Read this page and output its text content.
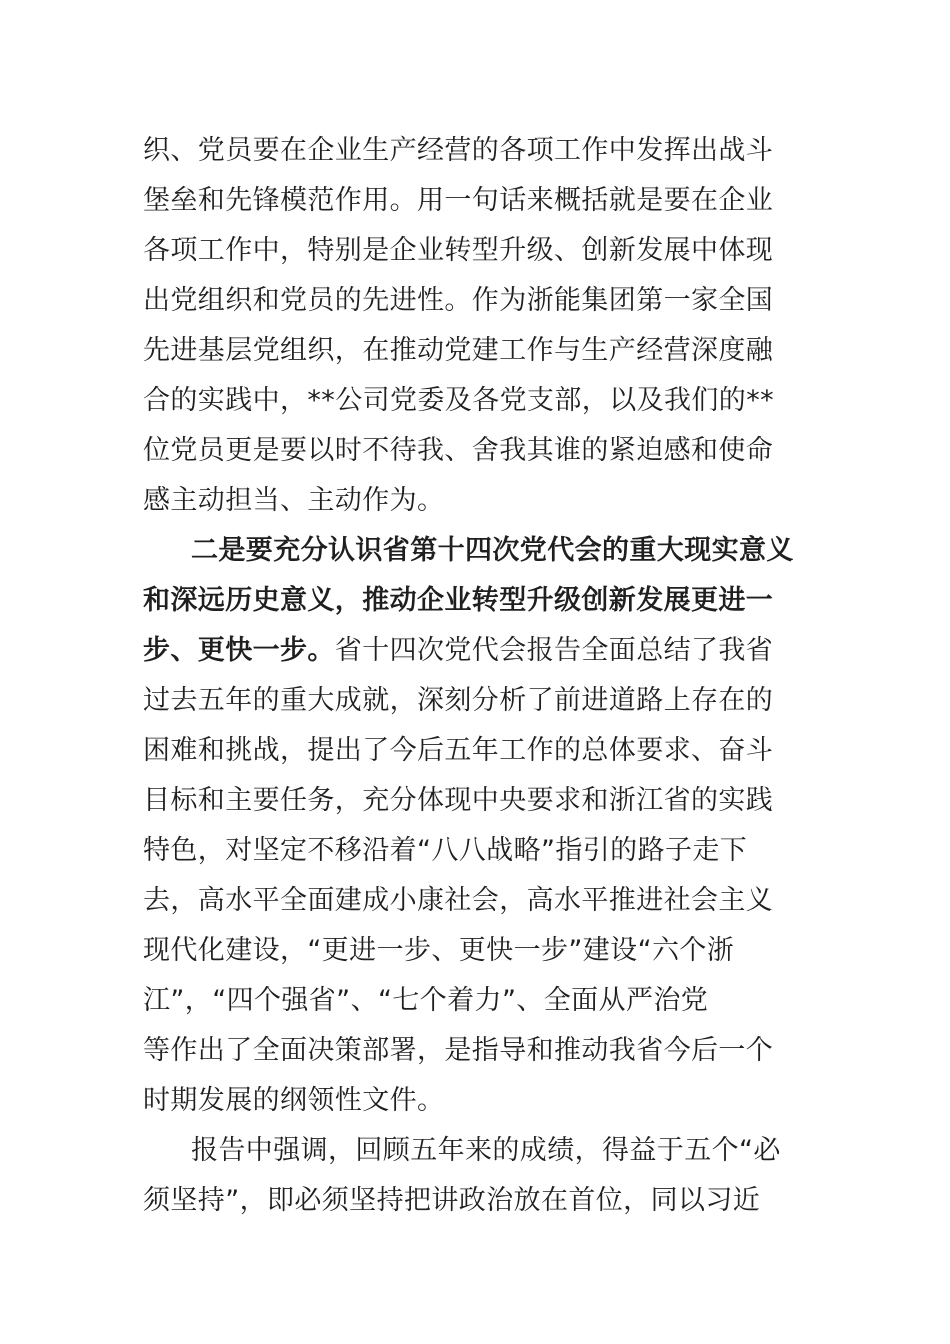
织、党员要在企业生产经营的各项工作中发挥出战斗
堡垒和先锋模范作用。用一句话来概括就是要在企业
各项工作中，特别是企业转型升级、创新发展中体现
出党组织和党员的先进性。作为浙能集团第一家全国
先进基层党组织，在推动党建工作与生产经营深度融
合的实践中，**公司党委及各党支部，以及我们的**
位党员更是要以时不待我、舍我其谁的紧迫感和使命
感主动担当、主动作为。
二是要充分认识省第十四次党代会的重大现实意义
和深远历史意义，推动企业转型升级创新发展更进一
步、更快一步。省十四次党代会报告全面总结了我省
过去五年的重大成就，深刻分析了前进道路上存在的
困难和挑战，提出了今后五年工作的总体要求、奋斗
目标和主要任务，充分体现中央要求和浙江省的实践
特色，对坚定不移沿着“八八战略”指引的路子走下
去，高水平全面建成小康社会，高水平推进社会主义
现代化建设，“更进一步、更快一步”建设“六个浙
江”，“四个强省”、“七个着力”、全面从严治党
等作出了全面决策部署，是指导和推动我省今后一个
时期发展的纲领性文件。
报告中强调，回顾五年来的成绩，得益于五个“必
须坚持”，即必须坚持把讲政治放在首位，同以习近
